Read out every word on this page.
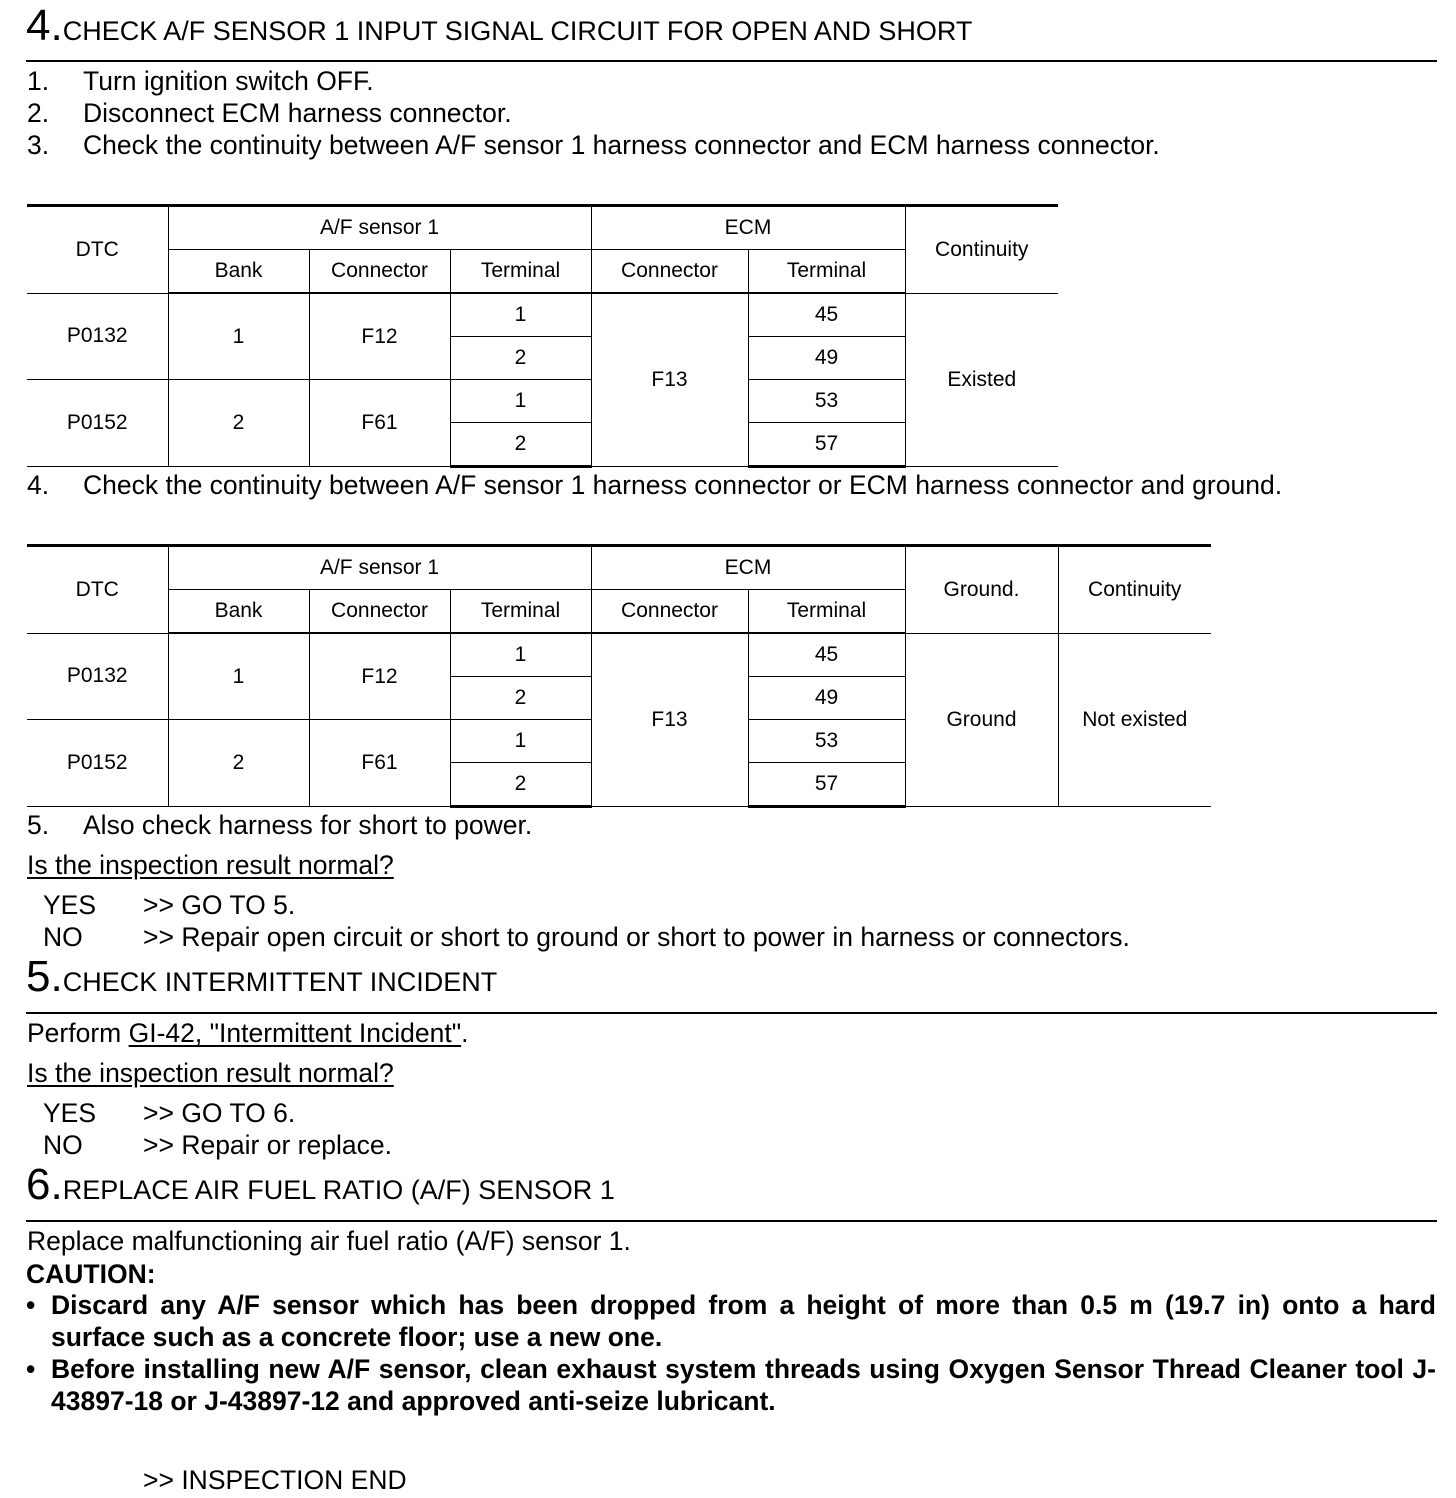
4.CHECK A/F SENSOR 1 INPUT SIGNAL CIRCUIT FOR OPEN AND SHORT
1. Turn ignition switch OFF.
2. Disconnect ECM harness connector.
3. Check the continuity between A/F sensor 1 harness connector and ECM harness connector.
DTC	A/F sensor 1			ECM		Continuity
	Bank	Connector	Terminal	Connector	Terminal	
P0132	1	F12	1	F13	45	Existed
			2		49	
P0152	2	F61	1		53	
			2		57	
4. Check the continuity between A/F sensor 1 harness connector or ECM harness connector and ground.
DTC	A/F sensor 1			ECM		Ground.	Continuity
	Bank	Connector	Terminal	Connector	Terminal		
P0132	1	F12	1	F13	45	Ground	Not existed
			2		49		
P0152	2	F61	1		53		
			2		57		
5. Also check harness for short to power.
Is the inspection result normal?
YES >> GO TO 5.
NO >> Repair open circuit or short to ground or short to power in harness or connectors.
5.CHECK INTERMITTENT INCIDENT
Perform GI-42, "Intermittent Incident".
Is the inspection result normal?
YES >> GO TO 6.
NO >> Repair or replace.
6.REPLACE AIR FUEL RATIO (A/F) SENSOR 1
Replace malfunctioning air fuel ratio (A/F) sensor 1.
CAUTION:
• Discard any A/F sensor which has been dropped from a height of more than 0.5 m (19.7 in) onto a hard surface such as a concrete floor; use a new one.
• Before installing new A/F sensor, clean exhaust system threads using Oxygen Sensor Thread Cleaner tool J-43897-18 or J-43897-12 and approved anti-seize lubricant.
>> INSPECTION END
